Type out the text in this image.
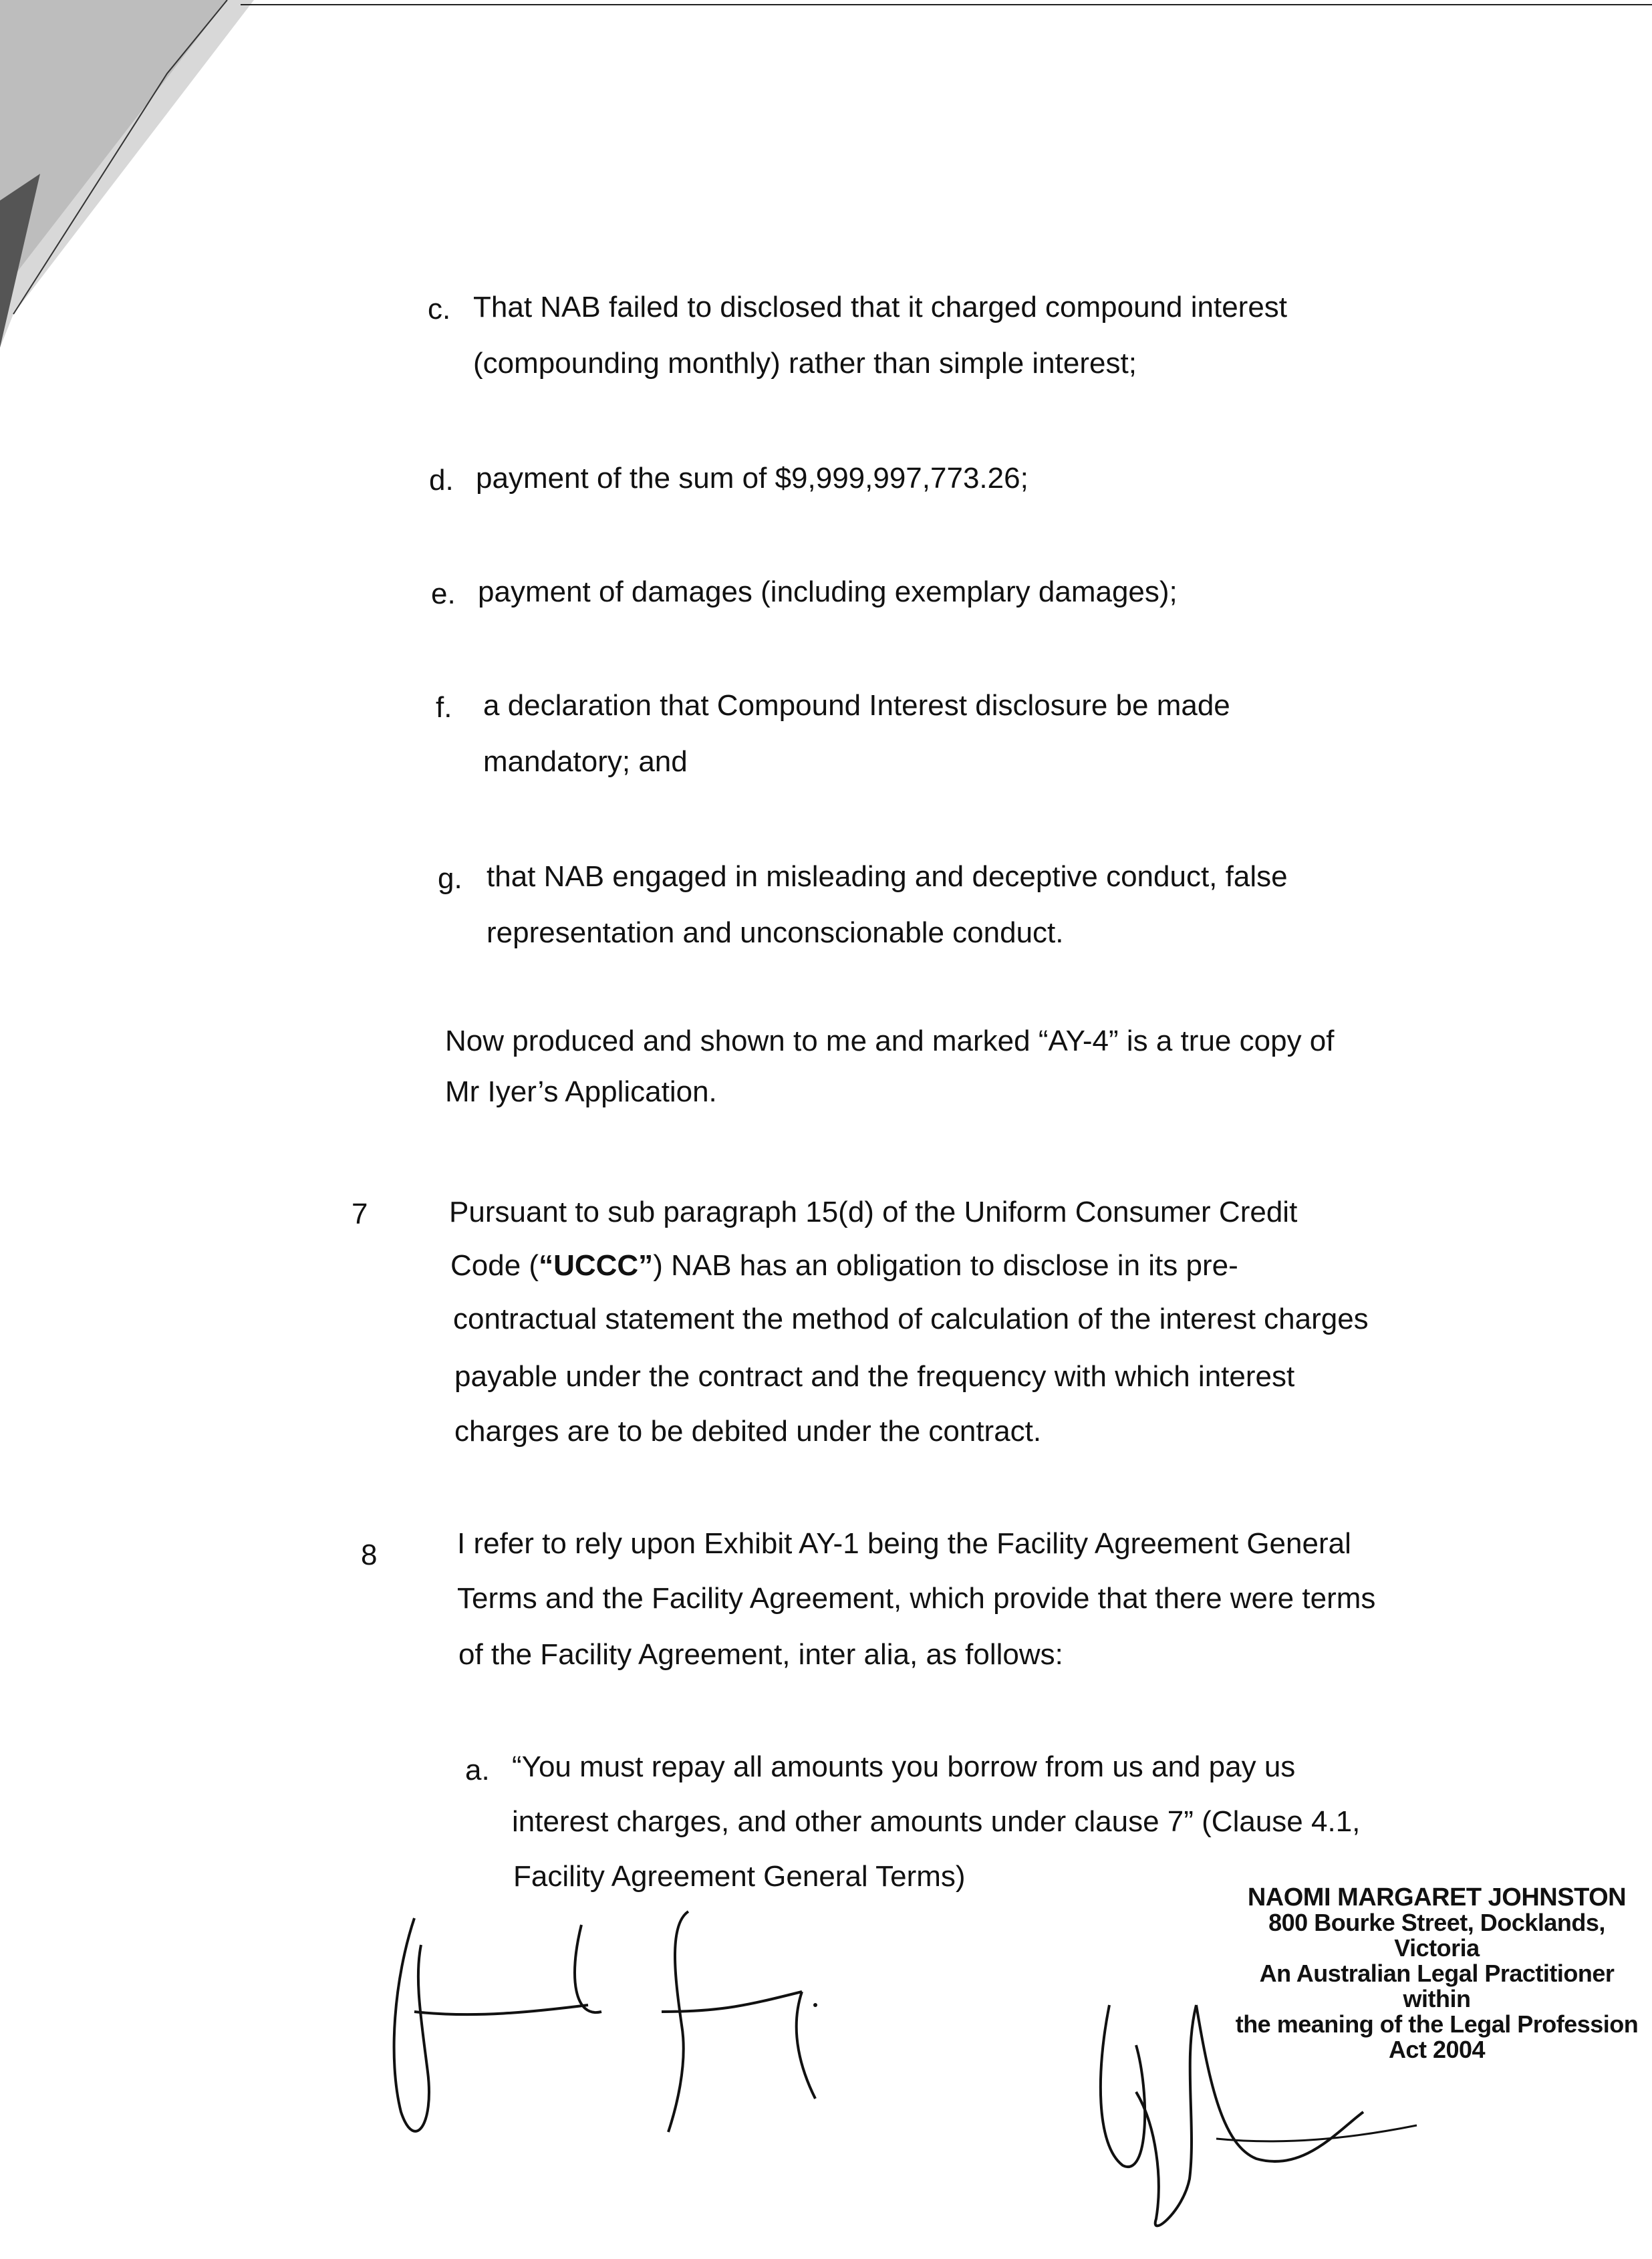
c. That NAB failed to disclosed that it charged compound interest
(compounding monthly) rather than simple interest;
d. payment of the sum of $9,999,997,773.26;
e. payment of damages (including exemplary damages);
f. a declaration that Compound Interest disclosure be made
mandatory; and
g. that NAB engaged in misleading and deceptive conduct, false
representation and unconscionable conduct.
Now produced and shown to me and marked “AY-4” is a true copy of
Mr Iyer’s Application.
7	Pursuant to sub paragraph 15(d) of the Uniform Consumer Credit
Code (“UCCC”) NAB has an obligation to disclose in its pre-
contractual statement the method of calculation of the interest charges
payable under the contract and the frequency with which interest
charges are to be debited under the contract.
8	I refer to rely upon Exhibit AY-1 being the Facility Agreement General
Terms and the Facility Agreement, which provide that there were terms
of the Facility Agreement, inter alia, as follows:
a. “You must repay all amounts you borrow from us and pay us
interest charges, and other amounts under clause 7” (Clause 4.1,
Facility Agreement General Terms)
NAOMI MARGARET JOHNSTON
800 Bourke Street, Docklands, Victoria
An Australian Legal Practitioner within
the meaning of the Legal Profession
Act 2004
